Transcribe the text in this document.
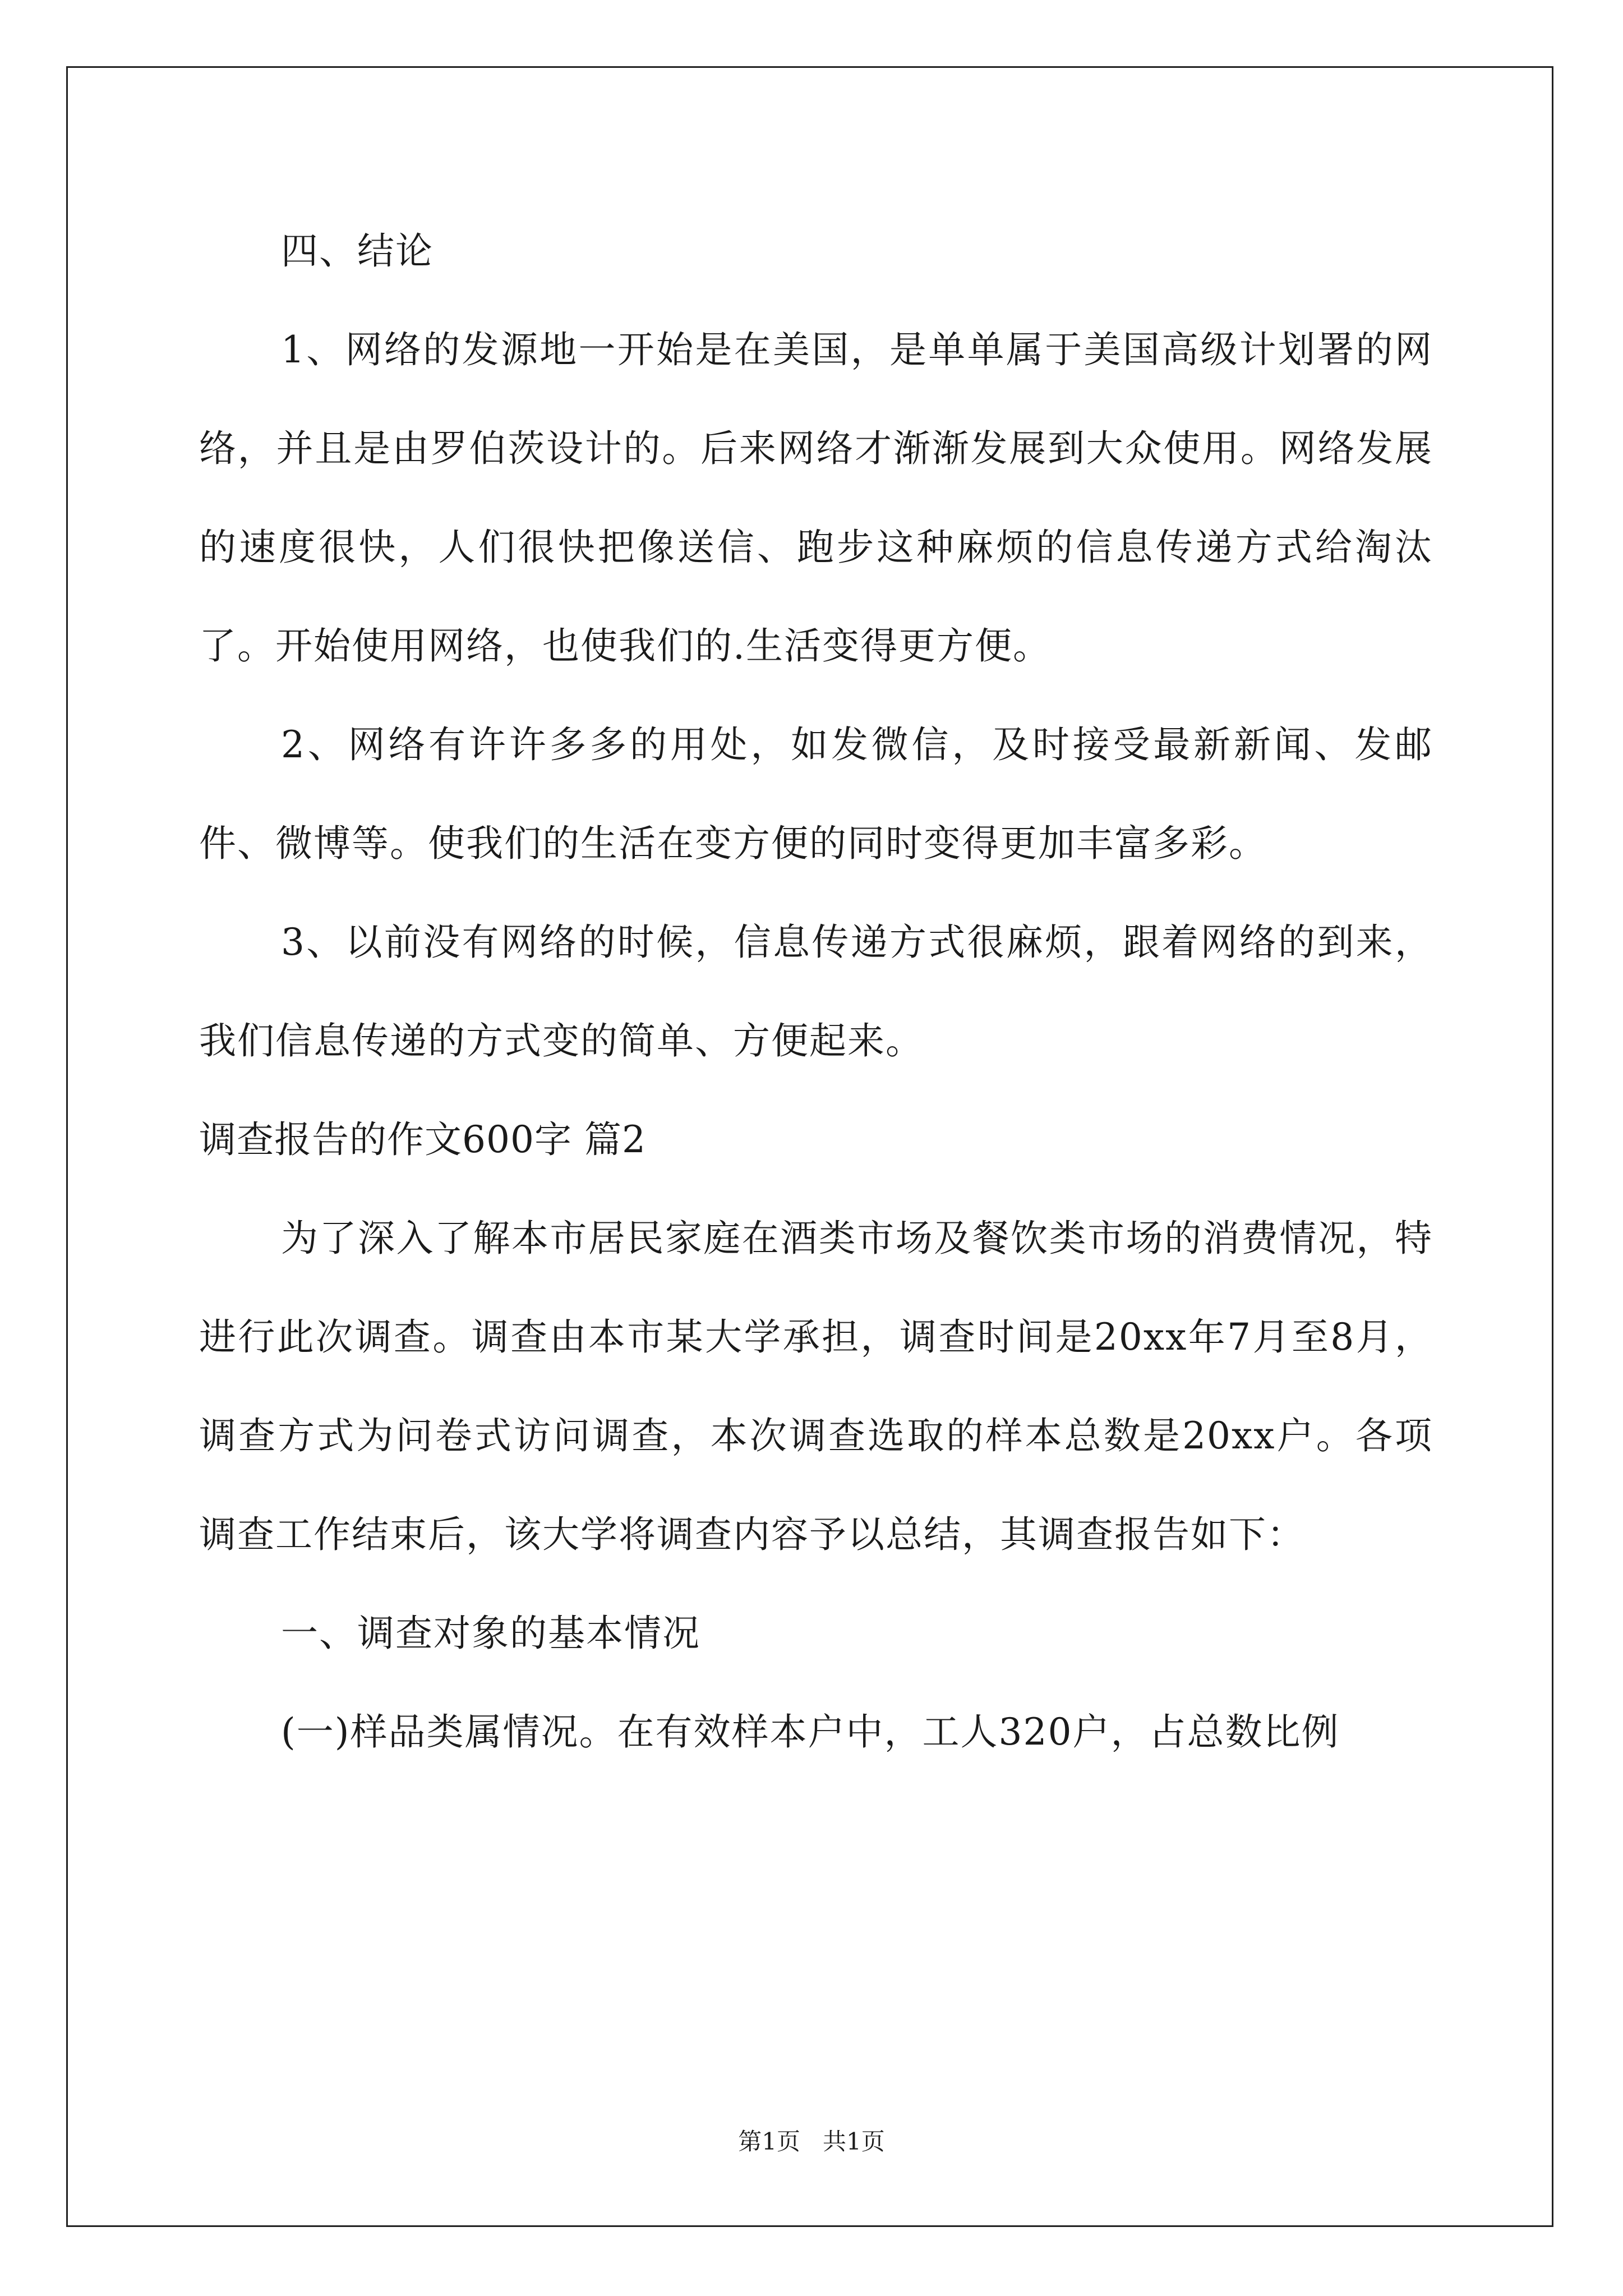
四、结论

1、网络的发源地一开始是在美国，是单单属于美国高级计划署的网络，并且是由罗伯茨设计的。后来网络才渐渐发展到大众使用。网络发展的速度很快，人们很快把像送信、跑步这种麻烦的信息传递方式给淘汰了。开始使用网络，也使我们的.生活变得更方便。

2、网络有许许多多的用处，如发微信，及时接受最新新闻、发邮件、微博等。使我们的生活在变方便的同时变得更加丰富多彩。

3、以前没有网络的时候，信息传递方式很麻烦，跟着网络的到来，我们信息传递的方式变的简单、方便起来。

调查报告的作文600字 篇2

为了深入了解本市居民家庭在酒类市场及餐饮类市场的消费情况，特进行此次调查。调查由本市某大学承担，调查时间是20xx年7月至8月，调查方式为问卷式访问调查，本次调查选取的样本总数是20xx户。各项调查工作结束后，该大学将调查内容予以总结，其调查报告如下：

一、调查对象的基本情况

(一)样品类属情况。在有效样本户中，工人320户，占总数比例

第1页   共1页
